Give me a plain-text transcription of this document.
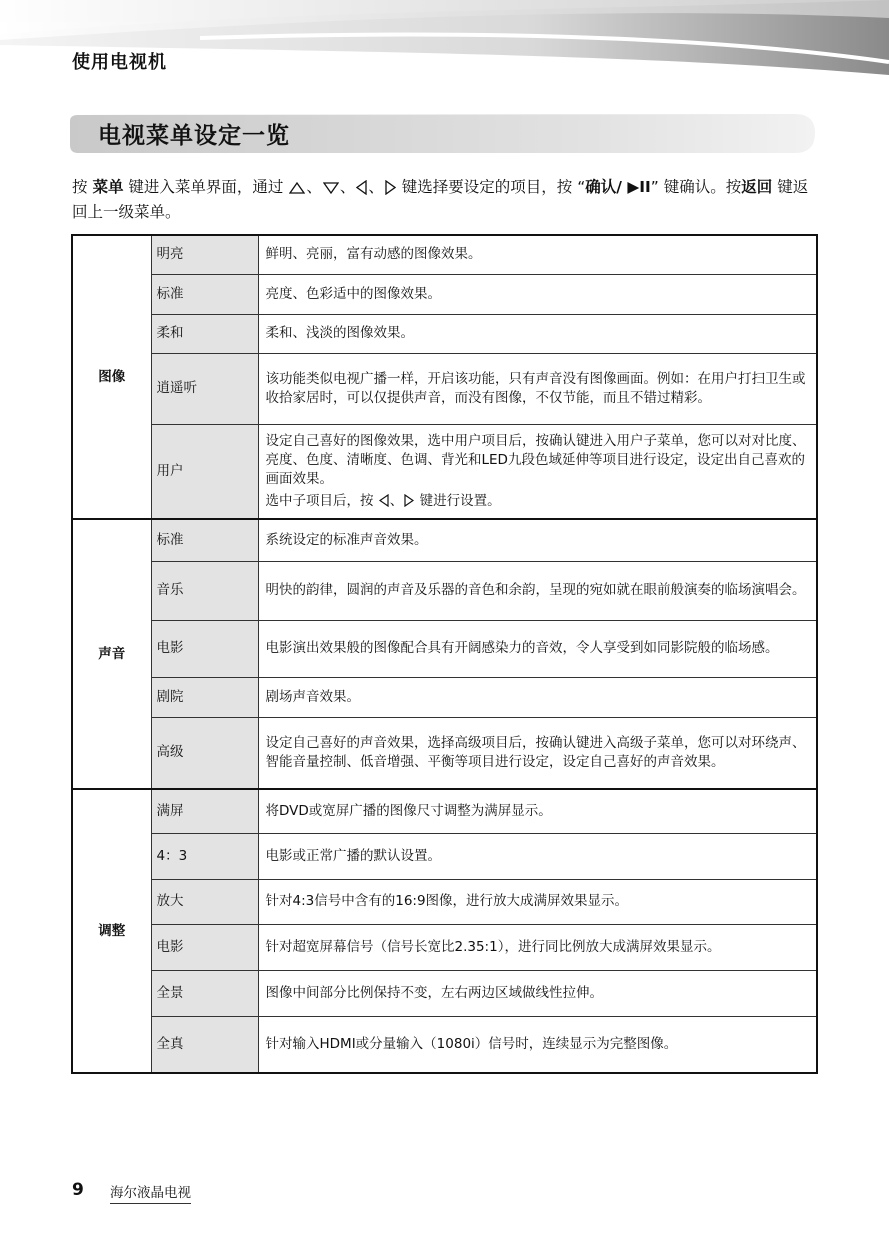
使用电视机
电视菜单设定一览
按 菜单 键进入菜单界面，通过 、 、 、 键选择要设定的项目，按 “确认/ ▶II” 键确认。按返回 键返回上一级菜单。
图像	明亮	鲜明、亮丽，富有动感的图像效果。
	标准	亮度、色彩适中的图像效果。
	柔和	柔和、浅淡的图像效果。
	逍遥听	该功能类似电视广播一样，开启该功能，只有声音没有图像画面。例如：在用户打扫卫生或收拾家居时，可以仅提供声音，而没有图像，不仅节能，而且不错过精彩。
	用户	设定自己喜好的图像效果，选中用户项目后，按确认键进入用户子菜单，您可以对对比度、亮度、色度、清晰度、色调、背光和LED九段色域延伸等项目进行设定，设定出自己喜欢的画面效果。
选中子项目后，按 、 键进行设置。

声音	标准	系统设定的标准声音效果。
	音乐	明快的韵律，圆润的声音及乐器的音色和余韵，呈现的宛如就在眼前般演奏的临场演唱会。
	电影	电影演出效果般的图像配合具有开阔感染力的音效，令人享受到如同影院般的临场感。
	剧院	剧场声音效果。
	高级	设定自己喜好的声音效果，选择高级项目后，按确认键进入高级子菜单，您可以对环绕声、智能音量控制、低音增强、平衡等项目进行设定，设定自己喜好的声音效果。
调整	满屏	将DVD或宽屏广播的图像尺寸调整为满屏显示。
	4：3	电影或正常广播的默认设置。
	放大	针对4:3信号中含有的16:9图像，进行放大成满屏效果显示。
	电影	针对超宽屏幕信号（信号长宽比2.35:1），进行同比例放大成满屏效果显示。
	全景	图像中间部分比例保持不变，左右两边区域做线性拉伸。
	全真	针对输入HDMI或分量输入（1080i）信号时，连续显示为完整图像。
9 海尔液晶电视
